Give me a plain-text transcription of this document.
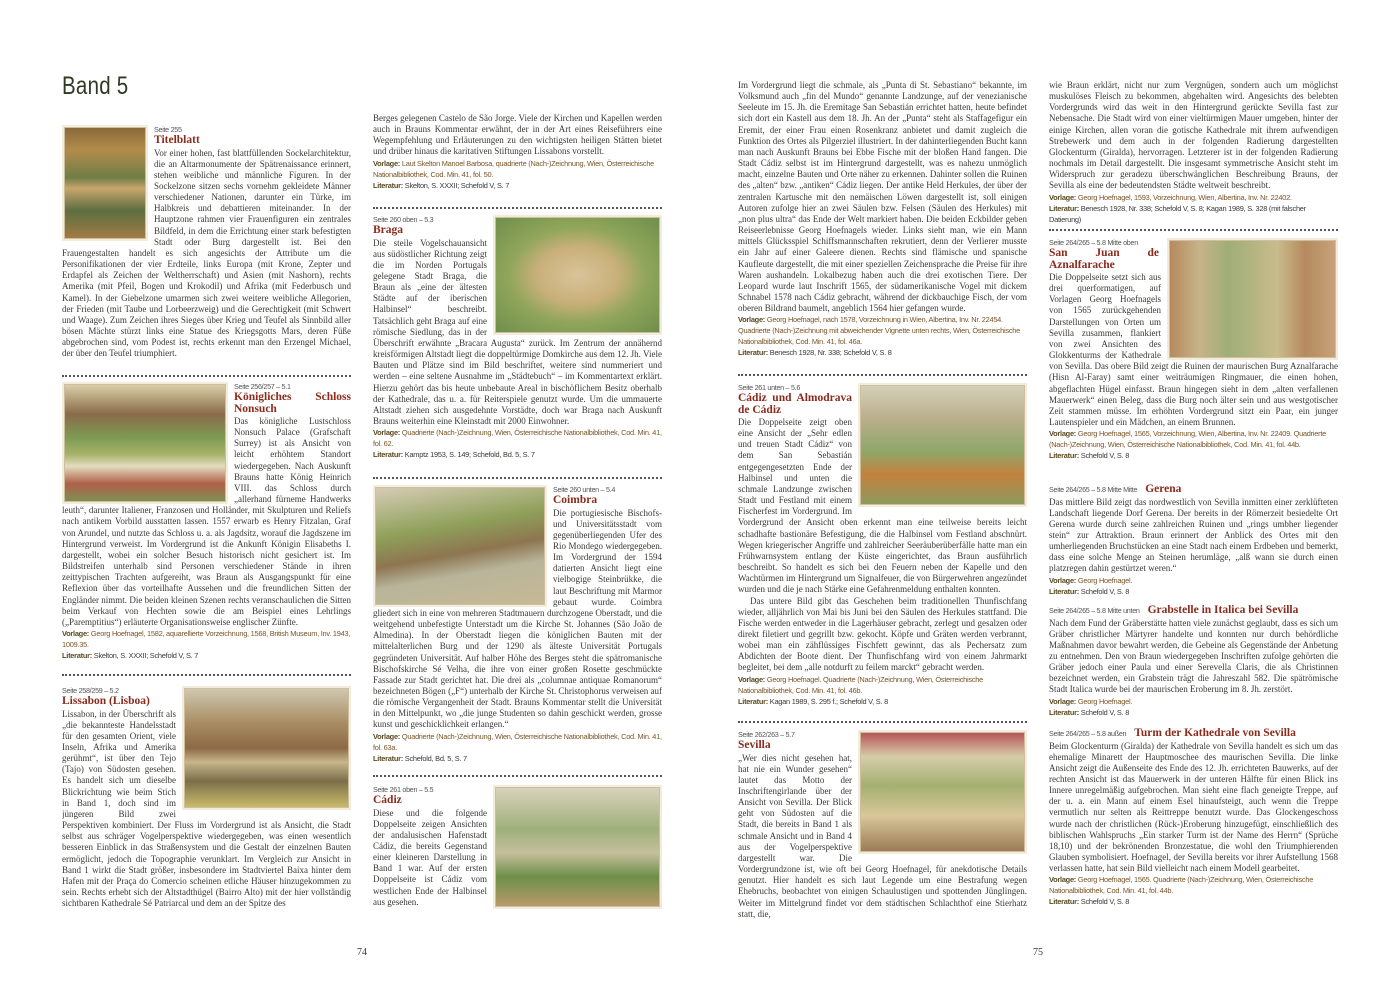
Band 5
Seite 255
Titelblatt

Vor einer hohen, fast blattfüllenden Sockelarchitektur, die an Altarmonumente der Spätrenaissance erinnert, stehen weibliche und männliche Figuren. In der Sockelzone sitzen sechs vornehm gekleidete Männer verschiedener Nationen, darunter ein Türke, im Halbkreis und debattieren miteinander. In der Hauptzone rahmen vier Frauenfiguren ein zentrales Bildfeld, in dem die Errichtung einer stark befestigten Stadt oder Burg dargestellt ist. Bei den Frauengestalten handelt es sich angesichts der Attribute um die Personifikationen der vier Erdteile, links Europa (mit Krone, Zepter und Erdapfel als Zeichen der Weltherrschaft) und Asien (mit Nashorn), rechts Amerika (mit Pfeil, Bogen und Krokodil) und Afrika (mit Federbusch und Kamel). In der Giebelzone umarmen sich zwei weitere weibliche Allegorien, der Frieden (mit Taube und Lorbeerzweig) und die Gerechtigkeit (mit Schwert und Waage). Zum Zeichen ihres Sieges über Krieg und Teufel als Sinnbild aller bösen Mächte stürzt links eine Statue des Kriegsgotts Mars, deren Füße abgebrochen sind, vom Podest ist, rechts erkennt man den Erzengel Michael, der über den Teufel triumphiert.

Seite 256/257 – 5.1
Königliches Schloss Nonsuch

Das königliche Lustschloss Nonsuch Palace (Grafschaft Surrey) ist als Ansicht von leicht erhöhtem Standort wiedergegeben. Nach Auskunft Brauns hatte König Heinrich VIII. das Schloss durch „allerhand fürneme Handwerks leuth“, darunter Italiener, Franzosen und Holländer, mit Skulpturen und Reliefs nach antikem Vorbild ausstatten lassen. 1557 erwarb es Henry Fitzalan, Graf von Arundel, und nutzte das Schloss u. a. als Jagdsitz, worauf die Jagdszene im Hintergrund verweist. Im Vordergrund ist die Ankunft Königin Elisabeths I. dargestellt, wobei ein solcher Besuch historisch nicht gesichert ist. Im Bildstreifen unterhalb sind Personen verschiedener Stände in ihren zeittypischen Trachten aufgereiht, was Braun als Ausgangspunkt für eine Reflexion über das vorteilhafte Aussehen und die freundlichen Sitten der Engländer nimmt. Die beiden kleinen Szenen rechts veranschaulichen die Sitten beim Verkauf von Hechten sowie die am Beispiel eines Lehrlings („Paremptitius“) erläuterte Organisationsweise englischer Zünfte.

Vorlage: Georg Hoefnagel, 1582, aquarellierte Vorzeichnung, 1568, British Museum, Inv. 1943, 1009.35.
Literatur: Skelton, S. XXXII; Schefold V, S. 7
Seite 258/259 – 5.2
Lissabon (Lisboa)

Lissabon, in der Überschrift als „die bekannteste Handelsstadt für den gesamten Orient, viele Inseln, Afrika und Amerika gerühmt“, ist über den Tejo (Tajo) von Südosten gesehen. Es handelt sich um dieselbe Blickrichtung wie beim Stich in Band 1, doch sind im jüngeren Bild zwei Perspektiven kombiniert. Der Fluss im Vordergrund ist als Ansicht, die Stadt selbst aus schräger Vogelperspektive wiedergegeben, was einen wesentlich besseren Einblick in das Straßensystem und die Gestalt der einzelnen Bauten ermöglicht, jedoch die Topographie verunklart. Im Vergleich zur Ansicht in Band 1 wirkt die Stadt größer, insbesondere im Stadtviertel Baixa hinter dem Hafen mit der Praça do Comercio scheinen etliche Häuser hinzugekommen zu sein. Rechts erhebt sich der Altstadthügel (Bairro Alto) mit der hier vollständig sichtbaren Kathedrale Sé Patriarcal und dem an der Spitze des

Berges gelegenen Castelo de São Jorge. Viele der Kirchen und Kapellen werden auch in Brauns Kommentar erwähnt, der in der Art eines Reiseführers eine Wegempfehlung und Erläuterungen zu den wichtigsten heiligen Stätten bietet und drüber hinaus die karitativen Stiftungen Lissabons vorstellt.

Vorlage: Laut Skelton Manoel Barbosa, quadrierte (Nach-)Zeichnung, Wien, Österreichische Nationalbibliothek, Cod. Min. 41, fol. 50.
Literatur: Skelton, S. XXXII; Schefold V, S. 7
Seite 260 oben – 5.3
Braga

Die steile Vogelschauansicht aus südöstlicher Richtung zeigt die im Norden Portugals gelegene Stadt Braga, die Braun als „eine der ältesten Städte auf der iberischen Halbinsel“ beschreibt. Tatsächlich geht Braga auf eine römische Siedlung, das in der Überschrift erwähnte „Bracara Augusta“ zurück. Im Zentrum der annähernd kreisförmigen Altstadt liegt die doppeltürmige Domkirche aus dem 12. Jh. Viele Bauten und Plätze sind im Bild beschriftet, weitere sind nummeriert und werden – eine seltene Ausnahme im „Städtebuch“ – im Kommentartext erklärt. Hierzu gehört das bis heute unbebaute Areal in bischöflichem Besitz oberhalb der Kathedrale, das u. a. für Reiterspiele genutzt wurde. Um die ummauerte Altstadt ziehen sich ausgedehnte Vorstädte, doch war Braga nach Auskunft Brauns weiterhin eine Kleinstadt mit 2000 Einwohner.

Vorlage: Quadrierte (Nach-)Zeichnung, Wien, Österreichische Nationalbibliothek, Cod. Min. 41, fol. 62.
Literatur: Kamptz 1953, S. 149; Schefold, Bd. 5, S. 7
Seite 260 unten – 5.4
Coimbra

Die portugiesische Bischofs- und Universitätsstadt vom gegenüberliegenden Ufer des Rio Mondego wiedergegeben. Im Vordergrund der 1594 datierten Ansicht liegt eine vielbogige Steinbrükke, die laut Beschriftung mit Marmor gebaut wurde. Coimbra gliedert sich in eine von mehreren Stadtmauern durchzogene Oberstadt, und die weitgehend unbefestigte Unterstadt um die Kirche St. Johannes (São João de Almedina). In der Oberstadt liegen die königlichen Bauten mit der mittelalterlichen Burg und der 1290 als älteste Universität Portugals gegründeten Universität. Auf halber Höhe des Berges steht die spätromanische Bischofskirche Sé Velha, die ihre von einer großen Rosette geschmückte Fassade zur Stadt gerichtet hat. Die drei als „columnae antiquae Romanorum“ bezeichneten Bögen („F“) unterhalb der Kirche St. Christophorus verweisen auf die römische Vergangenheit der Stadt. Brauns Kommentar stellt die Universität in den Mittelpunkt, wo „die junge Studenten so dahin geschickt werden, grosse kunst und geschicklichkeit erlangen.“

Vorlage: Quadrierte (Nach-)Zeichnung, Wien, Österreichische Nationalbibliothek, Cod. Min. 41, fol. 63a.
Literatur: Schefold, Bd. 5, S. 7
Seite 261 oben – 5.5
Cádiz

Diese und die folgende Doppelseite zeigen Ansichten der andalusischen Hafenstadt Cádiz, die bereits Gegenstand einer kleineren Darstellung in Band 1 war. Auf der ersten Doppelseite ist Cádiz vom westlichen Ende der Halbinsel aus gesehen.

74

Im Vordergrund liegt die schmale, als „Punta di St. Sebastiano“ bekannte, im Volksmund auch „fin del Mundo“ genannte Landzunge, auf der venezianische Seeleute im 15. Jh. die Eremitage San Sebastián errichtet hatten, heute befindet sich dort ein Kastell aus dem 18. Jh. An der „Punta“ steht als Staffagefigur ein Eremit, der einer Frau einen Rosenkranz anbietet und damit zugleich die Funktion des Ortes als Pilgerziel illustriert. In der dahinterliegenden Bucht kann man nach Auskunft Brauns bei Ebbe Fische mit der bloßen Hand fangen. Die Stadt Cádiz selbst ist im Hintergrund dargestellt, was es nahezu unmöglich macht, einzelne Bauten und Orte näher zu erkennen. Dahinter sollen die Ruinen des „alten“ bzw. „antiken“ Cádiz liegen. Der antike Held Herkules, der über der zentralen Kartusche mit den nemäischen Löwen dargestellt ist, soll einigen Autoren zufolge hier an zwei Säulen bzw. Felsen (Säulen des Herkules) mit „non plus ultra“ das Ende der Welt markiert haben. Die beiden Eckbilder geben Reiseerlebnisse Georg Hoefnagels wieder. Links sieht man, wie ein Mann mittels Glücksspiel Schiffsmannschaften rekrutiert, denn der Verlierer musste ein Jahr auf einer Galeere dienen. Rechts sind flämische und spanische Kaufleute dargestellt, die mit einer speziellen Zeichensprache die Preise für ihre Waren aushandeln. Lokalbezug haben auch die drei exotischen Tiere. Der Leopard wurde laut Inschrift 1565, der südamerikanische Vogel mit dickem Schnabel 1578 nach Cádiz gebracht, während der dickbauchige Fisch, der vom oberen Bildrand baumelt, angeblich 1564 hier gefangen wurde.

Vorlage: Georg Hoefnagel, nach 1578, Vorzeichnung in Wien, Albertina, Inv. Nr. 22454. Quadrierte (Nach-)Zeichnung mit abweichender Vignette unten rechts, Wien, Österreichische Nationalbibliothek, Cod. Min. 41, fol. 46a.
Literatur: Benesch 1928, Nr. 338; Schefold V, S. 8
Seite 261 unten – 5.6
Cádiz und Almodrava de Cádiz

Die Doppelseite zeigt oben eine Ansicht der „Sehr edlen und treuen Stadt Cádiz“ von dem San Sebastián entgegengesetzten Ende der Halbinsel und unten die schmale Landzunge zwischen Stadt und Festland mit einem Fischerfest im Vordergrund. Im Vordergrund der Ansicht oben erkennt man eine teilweise bereits leicht schadhafte bastionäre Befestigung, die die Halbinsel vom Festland abschnürt. Wegen kriegerischer Angriffe und zahlreicher Seeräuberüberfälle hatte man ein Frühwarnsystem entlang der Küste eingerichtet, das Braun ausführlich beschreibt. So handelt es sich bei den Feuern neben der Kapelle und den Wachtürmen im Hintergrund um Signalfeuer, die von Bürgerwehren angezündet wurden und die je nach Stärke eine Gefahrenmeldung enthalten konnten.

Das untere Bild gibt das Geschehen beim traditionellen Thunfischfang wieder, alljährlich von Mai bis Juni bei den Säulen des Herkules stattfand. Die Fische werden entweder in die Lagerhäuser gebracht, zerlegt und gesalzen oder direkt filetiert und gegrillt bzw. gekocht. Köpfe und Gräten werden verbrannt, wobei man ein zähflüssiges Fischfett gewinnt, das als Pechersatz zum Abdichten der Boote dient. Der Thunfischfang wird von einem Jahrmarkt begleitet, bei dem „alle notdurft zu feilem marckt“ gebracht werden.

Vorlage: Georg Hoefnagel. Quadrierte (Nach-)Zeichnung, Wien, Österreichische Nationalbibliothek, Cod. Min. 41, fol. 46b.
Literatur: Kagan 1989, S. 295 f.; Schefold V, S. 8
Seite 262/263 – 5.7
Sevilla

„Wer dies nicht gesehen hat, hat nie ein Wunder gesehen“ lautet das Motto der Inschriftengirlande über der Ansicht von Sevilla. Der Blick geht von Südosten auf die Stadt, die bereits in Band 1 als schmale Ansicht und in Band 4 aus der Vogelperspektive dargestellt war. Die Vordergrundzone ist, wie oft bei Georg Hoefnagel, für anekdotische Details genutzt. Hier handelt es sich laut Legende um eine Bestrafung wegen Ehebruchs, beobachtet von einigen Schaulustigen und spottenden Jünglingen. Weiter im Mittelgrund findet vor dem städtischen Schlachthof eine Stierhatz statt, die,

wie Braun erklärt, nicht nur zum Vergnügen, sondern auch um möglichst muskulöses Fleisch zu bekommen, abgehalten wird. Angesichts des belebten Vordergrunds wird das weit in den Hintergrund gerückte Sevilla fast zur Nebensache. Die Stadt wird von einer vieltürmigen Mauer umgeben, hinter der einige Kirchen, allen voran die gotische Kathedrale mit ihrem aufwendigen Strebewerk und dem auch in der folgenden Radierung dargestellten Glockenturm (Giralda), hervorragen. Letzterer ist in der folgenden Radierung nochmals im Detail dargestellt. Die insgesamt symmetrische Ansicht steht im Widerspruch zur geradezu überschwänglichen Beschreibung Brauns, der Sevilla als eine der bedeutendsten Städte weltweit beschreibt.

Vorlage: Georg Hoefnagel, 1593, Vorzeichnung, Wien, Albertina, Inv. Nr. 22402.
Literatur: Benesch 1928, Nr. 338; Schefold V, S. 8; Kagan 1989, S. 328 (mit falscher Datierung)
Seite 264/265 – 5.8 Mitte oben
San Juan de Aznalfarache

Die Doppelseite setzt sich aus drei querformatigen, auf Vorlagen Georg Hoefnagels von 1565 zurückgehenden Darstellungen von Orten um Sevilla zusammen, flankiert von zwei Ansichten des Glokkenturms der Kathedrale von Sevilla. Das obere Bild zeigt die Ruinen der maurischen Burg Aznalfarache (Hisn Al-Faray) samt einer weiträumigen Ringmauer, die einen hohen, abgeflachten Hügel einfasst. Braun hingegen sieht in dem „alten verfallenen Mauerwerk“ einen Beleg, dass die Burg noch älter sein und aus westgotischer Zeit stammen müsse. Im erhöhten Vordergrund sitzt ein Paar, ein junger Lautenspieler und ein Mädchen, an einem Brunnen.

Vorlage: Georg Hoefnagel, 1565, Vorzeichnung, Wien, Albertina, Inv. Nr. 22409. Quadrierte (Nach-)Zeichnung, Wien, Österreichische Nationalbibliothek, Cod. Min. 41, fol. 44b.
Literatur: Schefold V, S. 8
Seite 264/265 – 5.8 Mitte Mitte Gerena

Das mittlere Bild zeigt das nordwestlich von Sevilla inmitten einer zerklüfteten Landschaft liegende Dorf Gerena. Der bereits in der Römerzeit besiedelte Ort Gerena wurde durch seine zahlreichen Ruinen und „rings umbher liegender stein“ zur Attraktion. Braun erinnert der Anblick des Ortes mit den umherliegenden Bruchstücken an eine Stadt nach einem Erdbeben und bemerkt, dass eine solche Menge an Steinen herumläge, „alß wann sie durch einen platzregen dahin gestürtzet weren.“

Vorlage: Georg Hoefnagel.
Literatur: Schefold V, S. 8
Seite 264/265 – 5.8 Mitte unten Grabstelle in Italica bei Sevilla

Nach dem Fund der Gräberstätte hatten viele zunächst geglaubt, dass es sich um Gräber christlicher Märtyrer handelte und konnten nur durch behördliche Maßnahmen davor bewahrt werden, die Gebeine als Gegenstände der Anbetung zu entnehmen. Den von Braun wiedergegeben Inschriften zufolge gehörten die Gräber jedoch einer Paula und einer Serevella Claris, die als Christinnen bezeichnet werden, ein Grabstein trägt die Jahreszahl 582. Die spätrömische Stadt Italica wurde bei der maurischen Eroberung im 8. Jh. zerstört.

Vorlage: Georg Hoefnagel.
Literatur: Schefold V, S. 8
Seite 264/265 – 5.8 außen Turm der Kathedrale von Sevilla

Beim Glockenturm (Giralda) der Kathedrale von Sevilla handelt es sich um das ehemalige Minarett der Hauptmoschee des maurischen Sevilla. Die linke Ansicht zeigt die Außenseite des Ende des 12. Jh. errichteten Bauwerks, auf der rechten Ansicht ist das Mauerwerk in der unteren Hälfte für einen Blick ins Innere unregelmäßig aufgebrochen. Man sieht eine flach geneigte Treppe, auf der u. a. ein Mann auf einem Esel hinaufsteigt, auch wenn die Treppe vermutlich nur selten als Reittreppe benutzt wurde. Das Glockengeschoss wurde nach der christlichen (Rück-)Eroberung hinzugefügt, einschließlich des biblischen Wahlspruchs „Ein starker Turm ist der Name des Herrn“ (Sprüche 18,10) und der bekrönenden Bronzestatue, die wohl den Triumphierenden Glauben symbolisiert. Hoefnagel, der Sevilla bereits vor ihrer Aufstellung 1568 verlassen hatte, hat sein Bild vielleicht nach einem Modell gearbeitet.

Vorlage: Georg Hoefnagel, 1565. Quadrierte (Nach-)Zeichnung, Wien, Österreichische Nationalbibliothek, Cod. Min. 41, fol. 44b.
Literatur: Schefold V, S. 8
75
